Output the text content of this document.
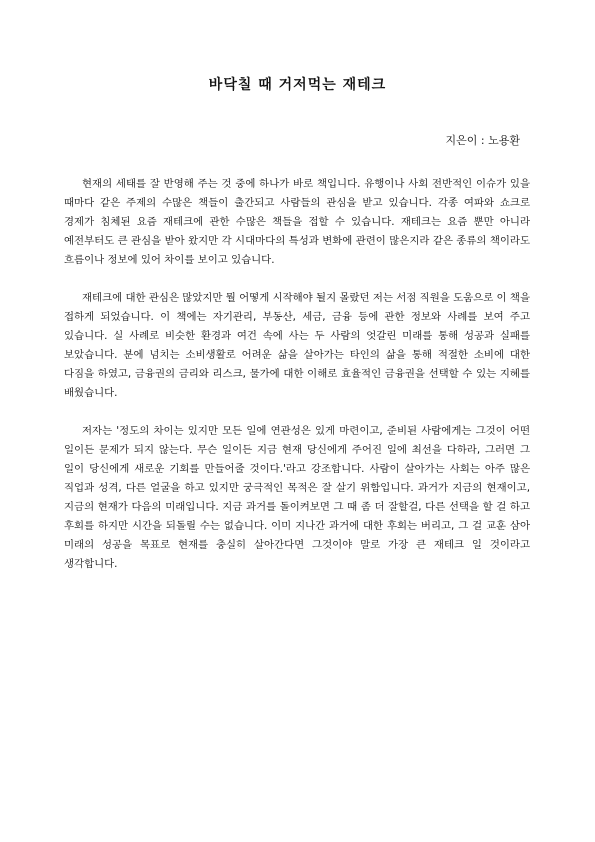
바닥칠 때 거저먹는 재테크
지은이 : 노용환

현재의 세태를 잘 반영해 주는 것 중에 하나가 바로 책입니다. 유행이나 사회 전반적인 이슈가 있을 때마다 같은 주제의 수많은 책들이 출간되고 사람들의 관심을 받고 있습니다. 각종 여파와 쇼크로 경제가 침체된 요즘 재테크에 관한 수많은 책들을 접할 수 있습니다. 재테크는 요즘 뿐만 아니라 예전부터도 큰 관심을 받아 왔지만 각 시대마다의 특성과 변화에 관련이 많은지라 같은 종류의 책이라도 흐름이나 정보에 있어 차이를 보이고 있습니다.

재테크에 대한 관심은 많았지만 뭘 어떻게 시작해야 될지 몰랐던 저는 서점 직원을 도움으로 이 책을 접하게 되었습니다. 이 책에는 자기관리, 부동산, 세금, 금융 등에 관한 정보와 사례를 보여 주고 있습니다. 실 사례로 비슷한 환경과 여건 속에 사는 두 사람의 엇갈린 미래를 통해 성공과 실패를 보았습니다. 분에 넘치는 소비생활로 어려운 삶을 살아가는 타인의 삶을 통해 적절한 소비에 대한 다짐을 하였고, 금융권의 금리와 리스크, 물가에 대한 이해로 효율적인 금융권을 선택할 수 있는 지혜를 배웠습니다.

저자는 '정도의 차이는 있지만 모든 일에 연관성은 있게 마련이고, 준비된 사람에게는 그것이 어떤 일이든 문제가 되지 않는다. 무슨 일이든 지금 현재 당신에게 주어진 일에 최선을 다하라, 그러면 그 일이 당신에게 새로운 기회를 만들어줄 것이다.'라고 강조합니다. 사람이 살아가는 사회는 아주 많은 직업과 성격, 다른 얼굴을 하고 있지만 궁극적인 목적은 잘 살기 위함입니다. 과거가 지금의 현재이고, 지금의 현재가 다음의 미래입니다. 지금 과거를 돌이켜보면 그 때 좀 더 잘할걸, 다른 선택을 할 걸 하고 후회를 하지만 시간을 되돌릴 수는 없습니다. 이미 지나간 과거에 대한 후회는 버리고, 그 걸 교훈 삼아 미래의 성공을 목표로 현재를 충실히 살아간다면 그것이야 말로 가장 큰 재테크 일 것이라고 생각합니다.
